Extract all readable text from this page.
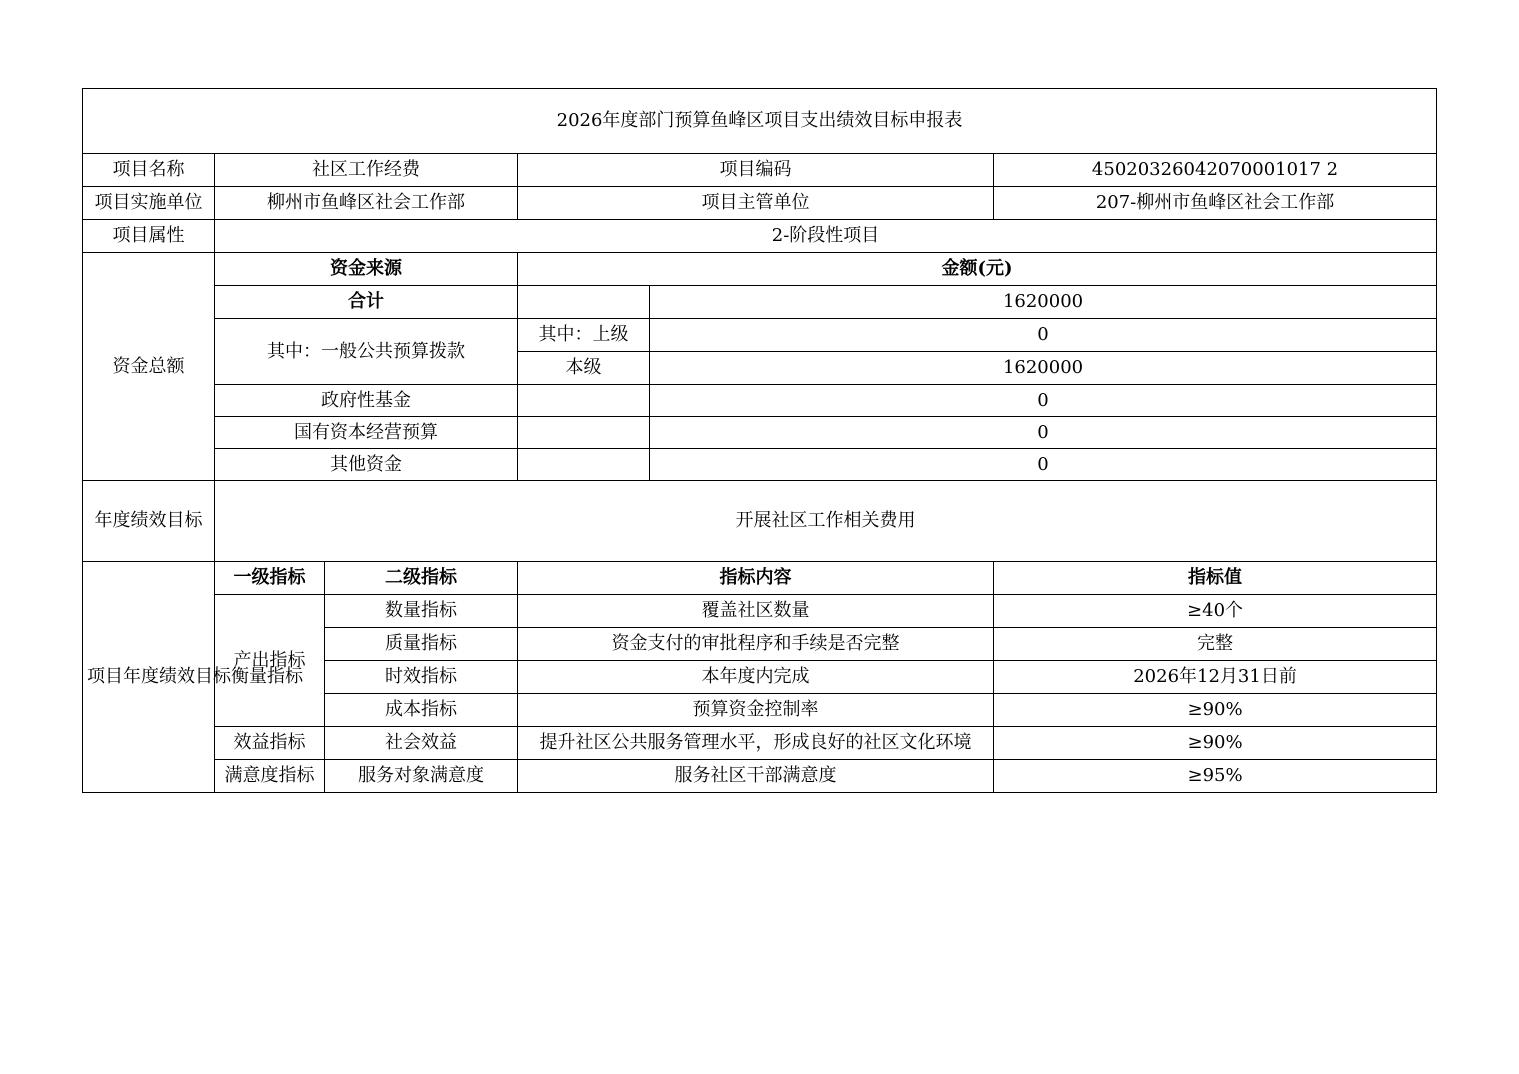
2026年度部门预算鱼峰区项目支出绩效目标申报表					
项目名称	社区工作经费		项目编码		45020326042070001017 2
项目实施单位	柳州市鱼峰区社会工作部		项目主管单位		207-柳州市鱼峰区社会工作部
项目属性	2-阶段性项目				
资金总额	资金来源		金额(元)		
	合计			1620000	
	其中：一般公共预算拨款		其中：上级	0	
			本级	1620000	
	政府性基金			0	
	国有资本经营预算			0	
	其他资金			0	
年度绩效目标	开展社区工作相关费用				
项目年度绩效目标衡量指标	一级指标	二级指标	指标内容		指标值
	产出指标	数量指标	覆盖社区数量		≥40个
		质量指标	资金支付的审批程序和手续是否完整		完整
		时效指标	本年度内完成		2026年12月31日前
		成本指标	预算资金控制率		≥90%
	效益指标	社会效益	提升社区公共服务管理水平，形成良好的社区文化环境		≥90%
	满意度指标	服务对象满意度	服务社区干部满意度		≥95%
